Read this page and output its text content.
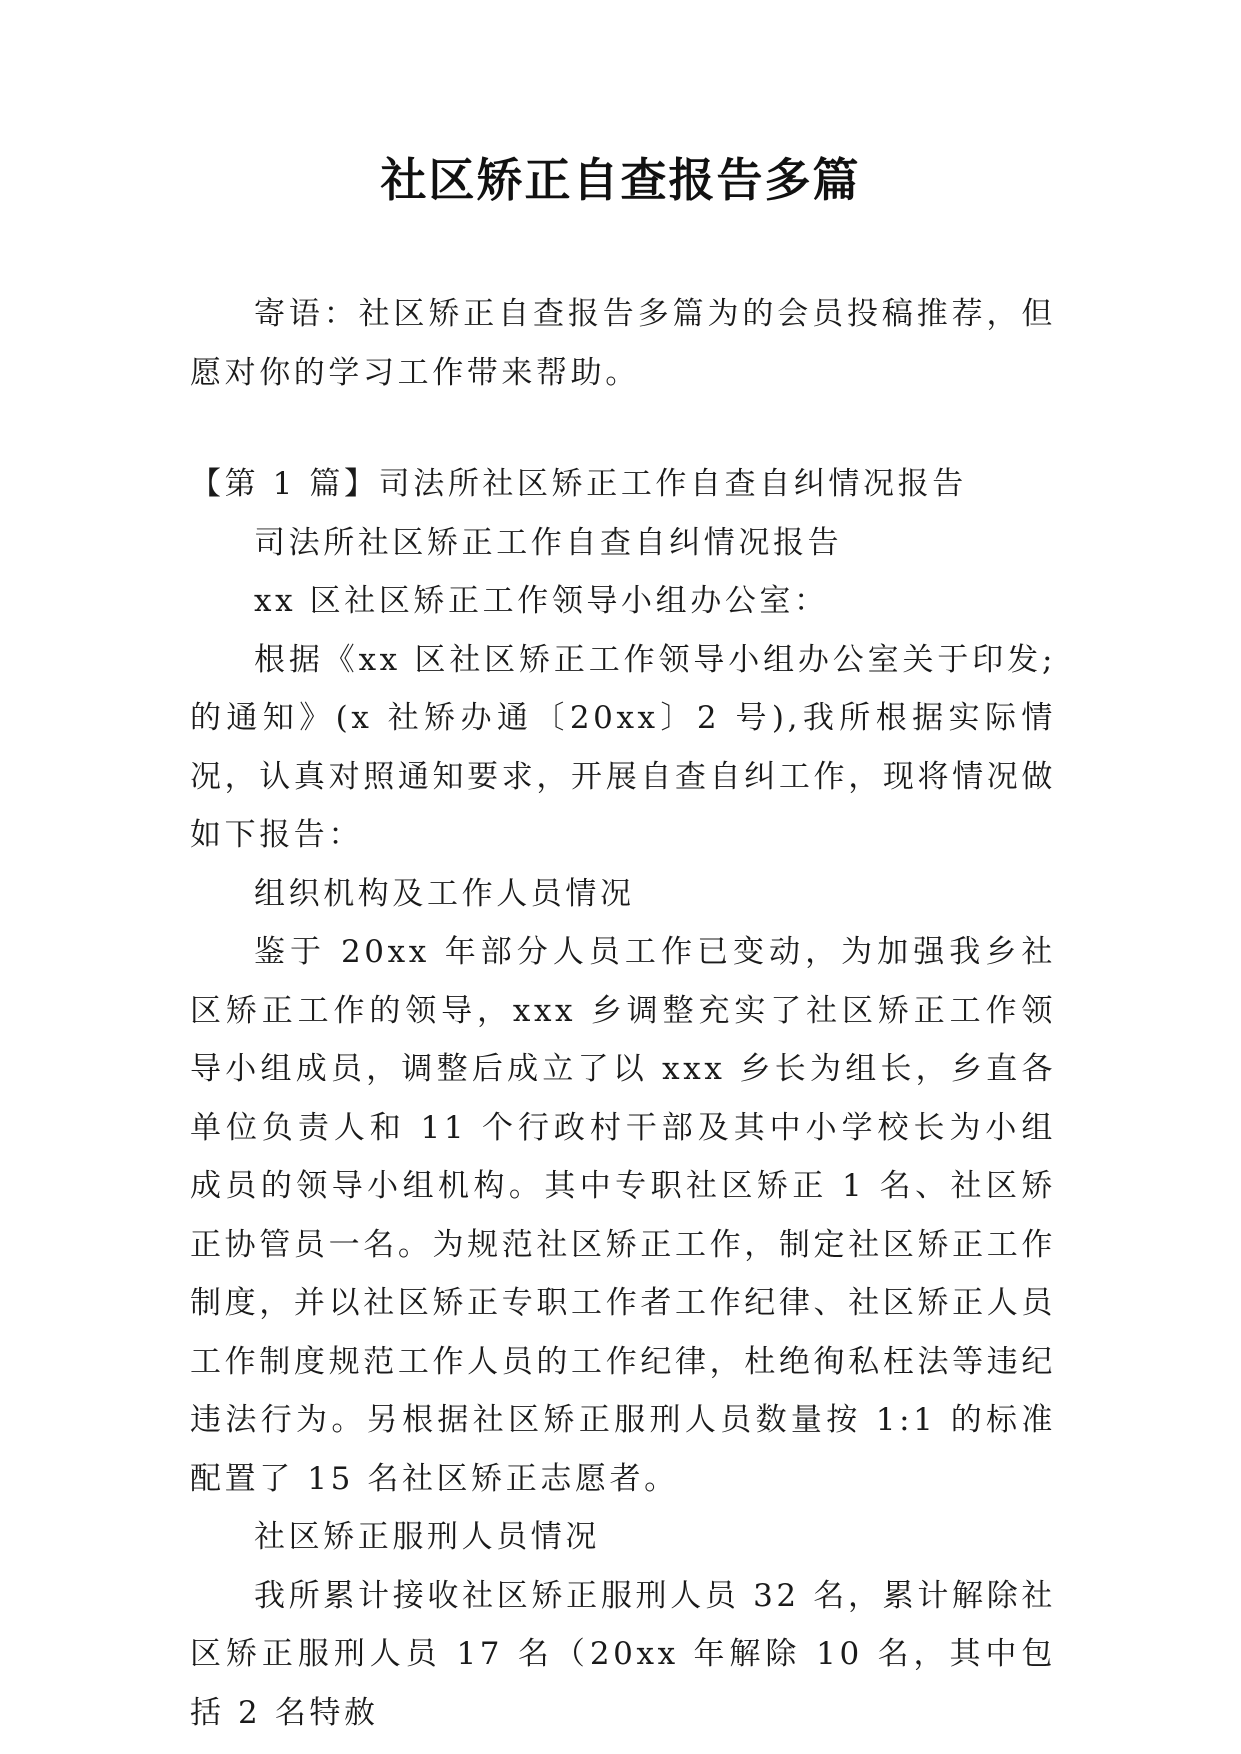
社区矫正自查报告多篇

寄语：社区矫正自查报告多篇为的会员投稿推荐，但愿对你的学习工作带来帮助。

【第 1 篇】司法所社区矫正工作自查自纠情况报告

司法所社区矫正工作自查自纠情况报告

xx 区社区矫正工作领导小组办公室：

根据《xx 区社区矫正工作领导小组办公室关于印发;的通知》(x 社矫办通〔20xx〕2 号),我所根据实际情况，认真对照通知要求，开展自查自纠工作，现将情况做如下报告：

组织机构及工作人员情况

鉴于 20xx 年部分人员工作已变动，为加强我乡社区矫正工作的领导，xxx 乡调整充实了社区矫正工作领导小组成员，调整后成立了以 xxx 乡长为组长，乡直各单位负责人和 11 个行政村干部及其中小学校长为小组成员的领导小组机构。其中专职社区矫正 1 名、社区矫正协管员一名。为规范社区矫正工作，制定社区矫正工作制度，并以社区矫正专职工作者工作纪律、社区矫正人员工作制度规范工作人员的工作纪律，杜绝徇私枉法等违纪违法行为。另根据社区矫正服刑人员数量按 1:1 的标准配置了 15 名社区矫正志愿者。

社区矫正服刑人员情况

我所累计接收社区矫正服刑人员 32 名，累计解除社区矫正服刑人员 17 名（20xx 年解除 10 名，其中包括 2 名特赦
